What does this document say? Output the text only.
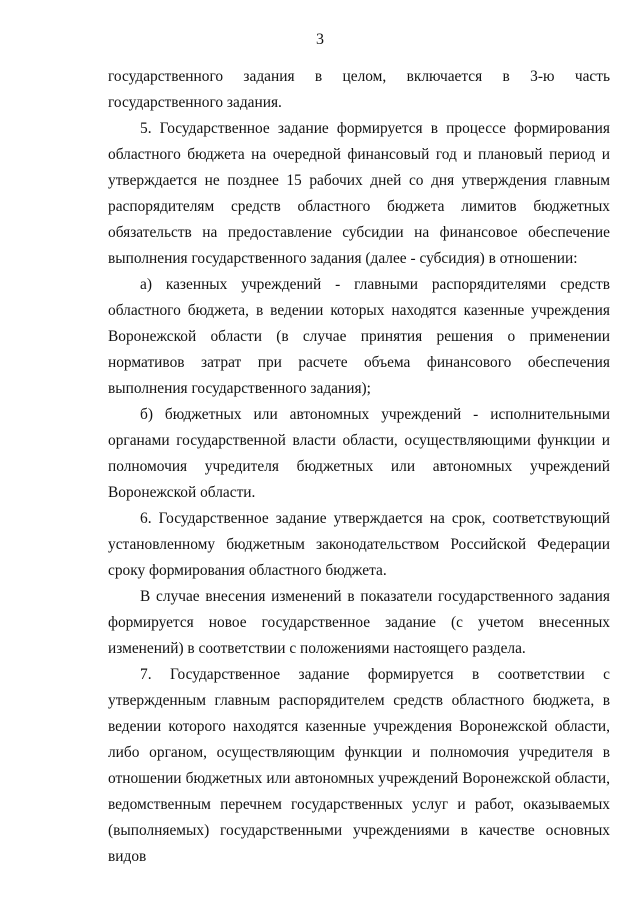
3

государственного задания в целом, включается в 3-ю часть государственного задания.

5. Государственное задание формируется в процессе формирования областного бюджета на очередной финансовый год и плановый период и утверждается не позднее 15 рабочих дней со дня утверждения главным распорядителям средств областного бюджета лимитов бюджетных обязательств на предоставление субсидии на финансовое обеспечение выполнения государственного задания (далее - субсидия) в отношении:

а) казенных учреждений - главными распорядителями средств областного бюджета, в ведении которых находятся казенные учреждения Воронежской области (в случае принятия решения о применении нормативов затрат при расчете объема финансового обеспечения выполнения государственного задания);

б) бюджетных или автономных учреждений - исполнительными органами государственной власти области, осуществляющими функции и полномочия учредителя бюджетных или автономных учреждений Воронежской области.

6. Государственное задание утверждается на срок, соответствующий установленному бюджетным законодательством Российской Федерации сроку формирования областного бюджета.

В случае внесения изменений в показатели государственного задания формируется новое государственное задание (с учетом внесенных изменений) в соответствии с положениями настоящего раздела.

7. Государственное задание формируется в соответствии с утвержденным главным распорядителем средств областного бюджета, в ведении которого находятся казенные учреждения Воронежской области, либо органом, осуществляющим функции и полномочия учредителя в отношении бюджетных или автономных учреждений Воронежской области, ведомственным перечнем государственных услуг и работ, оказываемых (выполняемых) государственными учреждениями в качестве основных видов
